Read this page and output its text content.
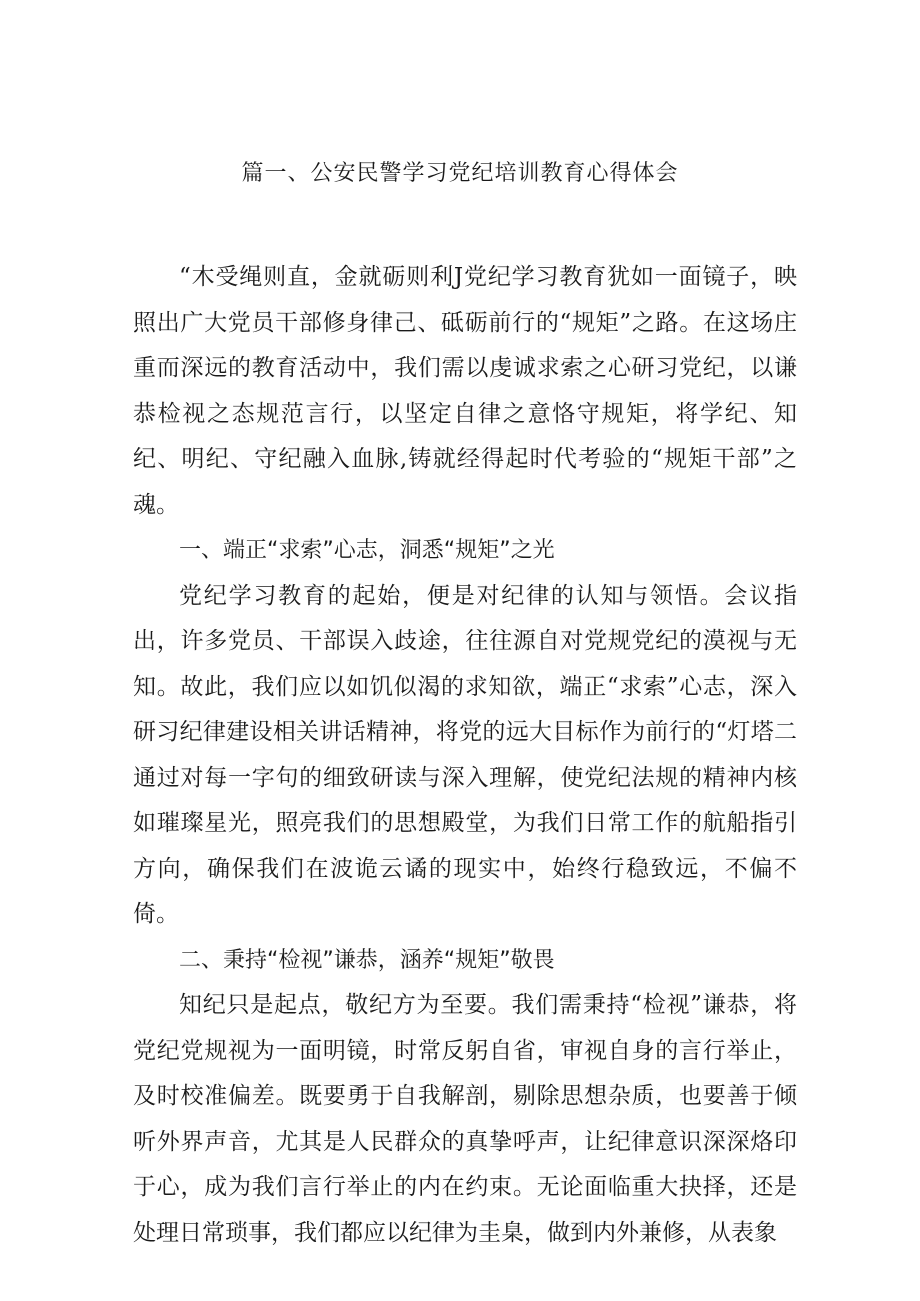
篇一、公安民警学习党纪培训教育心得体会

“木受绳则直，金就砺则利J党纪学习教育犹如一面镜子，映照出广大党员干部修身律己、砥砺前行的“规矩”之路。在这场庄重而深远的教育活动中，我们需以虔诚求索之心研习党纪，以谦恭检视之态规范言行，以坚定自律之意恪守规矩，将学纪、知纪、明纪、守纪融入血脉,铸就经得起时代考验的“规矩干部”之魂。

一、端正“求索”心志，洞悉“规矩”之光

党纪学习教育的起始，便是对纪律的认知与领悟。会议指出，许多党员、干部误入歧途，往往源自对党规党纪的漠视与无知。故此，我们应以如饥似渴的求知欲，端正“求索”心志，深入研习纪律建设相关讲话精神，将党的远大目标作为前行的“灯塔二通过对每一字句的细致研读与深入理解，使党纪法规的精神内核如璀璨星光，照亮我们的思想殿堂，为我们日常工作的航船指引方向，确保我们在波诡云谲的现实中，始终行稳致远，不偏不倚。

二、秉持“检视”谦恭，涵养“规矩”敬畏

知纪只是起点，敬纪方为至要。我们需秉持“检视”谦恭，将党纪党规视为一面明镜，时常反躬自省，审视自身的言行举止，及时校准偏差。既要勇于自我解剖，剔除思想杂质，也要善于倾听外界声音，尤其是人民群众的真挚呼声，让纪律意识深深烙印于心，成为我们言行举止的内在约束。无论面临重大抉择，还是处理日常琐事，我们都应以纪律为圭臬，做到内外兼修，从表象
